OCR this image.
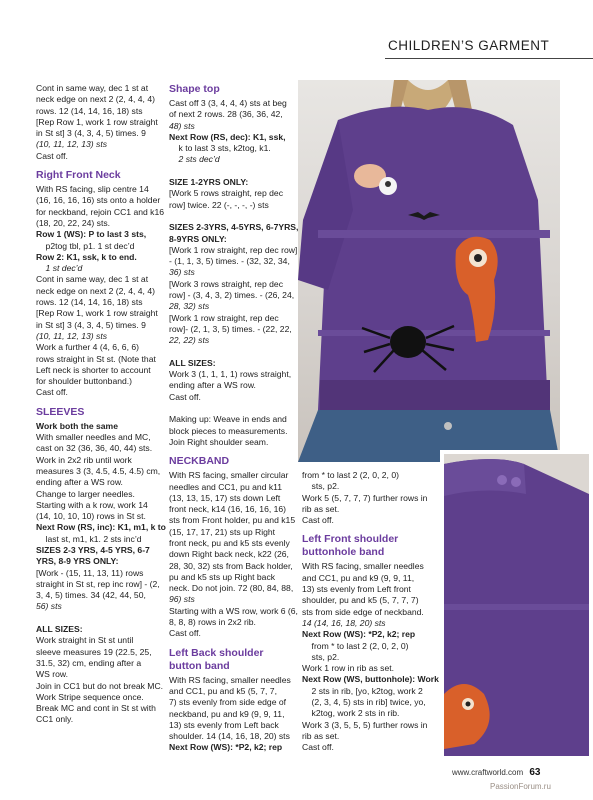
CHILDREN’S GARMENT
Cont in same way, dec 1 st at
neck edge on next 2 (2, 4, 4, 4)
rows. 12 (14, 14, 16, 18) sts
[Rep Row 1, work 1 row straight
in St st] 3 (4, 3, 4, 5) times. 9
(10, 11, 12, 13) sts
Cast off.
Right Front Neck
With RS facing, slip centre 14
(16, 16, 16, 16) sts onto a holder
for neckband, rejoin CC1 and k16
(18, 20, 22, 24) sts.
Row 1 (WS): P to last 3 sts,
p2tog tbl, p1. 1 st dec’d
Row 2: K1, ssk, k to end.
1 st dec’d
Cont in same way, dec 1 st at
neck edge on next 2 (2, 4, 4, 4)
rows. 12 (14, 14, 16, 18) sts
[Rep Row 1, work 1 row straight
in St st] 3 (4, 3, 4, 5) times. 9
(10, 11, 12, 13) sts
Work a further 4 (4, 6, 6, 6)
rows straight in St st. (Note that
Left neck is shorter to account
for shoulder buttonband.)
Cast off.
SLEEVES
Work both the same
With smaller needles and MC,
cast on 32 (36, 36, 40, 44) sts.
Work in 2x2 rib until work
measures 3 (3, 4.5, 4.5, 4.5) cm,
ending after a WS row.
Change to larger needles.
Starting with a k row, work 14
(14, 10, 10, 10) rows in St st.
Next Row (RS, inc): K1, m1, k to
last st, m1, k1. 2 sts inc’d
SIZES 2-3 YRS, 4-5 YRS, 6-7
YRS, 8-9 YRS ONLY:
[Work - (15, 11, 13, 11) rows
straight in St st, rep inc row] - (2,
3, 4, 5) times. 34 (42, 44, 50,
56) sts

ALL SIZES:
Work straight in St st until
sleeve measures 19 (22.5, 25,
31.5, 32) cm, ending after a
WS row.
Join in CC1 but do not break MC.
Work Stripe sequence once.
Break MC and cont in St st with
CC1 only.
Shape top
Cast off 3 (3, 4, 4, 4) sts at beg
of next 2 rows. 28 (36, 36, 42,
48) sts
Next Row (RS, dec): K1, ssk,
k to last 3 sts, k2tog, k1.
2 sts dec’d

SIZE 1-2YRS ONLY:
[Work 5 rows straight, rep dec
row] twice. 22 (-, -, -, -) sts

SIZES 2-3YRS, 4-5YRS, 6-7YRS,
8-9YRS ONLY:
[Work 1 row straight, rep dec row]
- (1, 1, 3, 5) times. - (32, 32, 34,
36) sts
[Work 3 rows straight, rep dec
row] - (3, 4, 3, 2) times. - (26, 24,
28, 32) sts
[Work 1 row straight, rep dec
row]- (2, 1, 3, 5) times. - (22, 22,
22, 22) sts

ALL SIZES:
Work 3 (1, 1, 1, 1) rows straight,
ending after a WS row.
Cast off.

Making up: Weave in ends and
block pieces to measurements.
Join Right shoulder seam.
NECKBAND
With RS facing, smaller circular
needles and CC1, pu and k11
(13, 13, 15, 17) sts down Left
front neck, k14 (16, 16, 16, 16)
sts from Front holder, pu and k15
(15, 17, 17, 21) sts up Right
front neck, pu and k5 sts evenly
down Right back neck, k22 (26,
28, 30, 32) sts from Back holder,
pu and k5 sts up Right back
neck. Do not join. 72 (80, 84, 88,
96) sts
Starting with a WS row, work 6 (6,
8, 8, 8) rows in 2x2 rib.
Cast off.
Left Back shoulder
button band
With RS facing, smaller needles
and CC1, pu and k5 (5, 7, 7,
7) sts evenly from side edge of
neckband, pu and k9 (9, 9, 11,
13) sts evenly from Left back
shoulder. 14 (14, 16, 18, 20) sts
Next Row (WS): *P2, k2; rep
from * to last 2 (2, 0, 2, 0)
sts, p2.
Work 5 (5, 7, 7, 7) further rows in
rib as set.
Cast off.
Left Front shoulder
buttonhole band
With RS facing, smaller needles
and CC1, pu and k9 (9, 9, 11,
13) sts evenly from Left front
shoulder, pu and k5 (5, 7, 7, 7)
sts from side edge of neckband.
14 (14, 16, 18, 20) sts
Next Row (WS): *P2, k2; rep
from * to last 2 (2, 0, 2, 0)
sts, p2.
Work 1 row in rib as set.
Next Row (WS, buttonhole): Work
2 sts in rib, [yo, k2tog, work 2
(2, 3, 4, 5) sts in rib] twice, yo,
k2tog, work 2 sts in rib.
Work 3 (3, 5, 5, 5) further rows in
rib as set.
Cast off.
www.craftworld.com 63
PassionForum.ru
